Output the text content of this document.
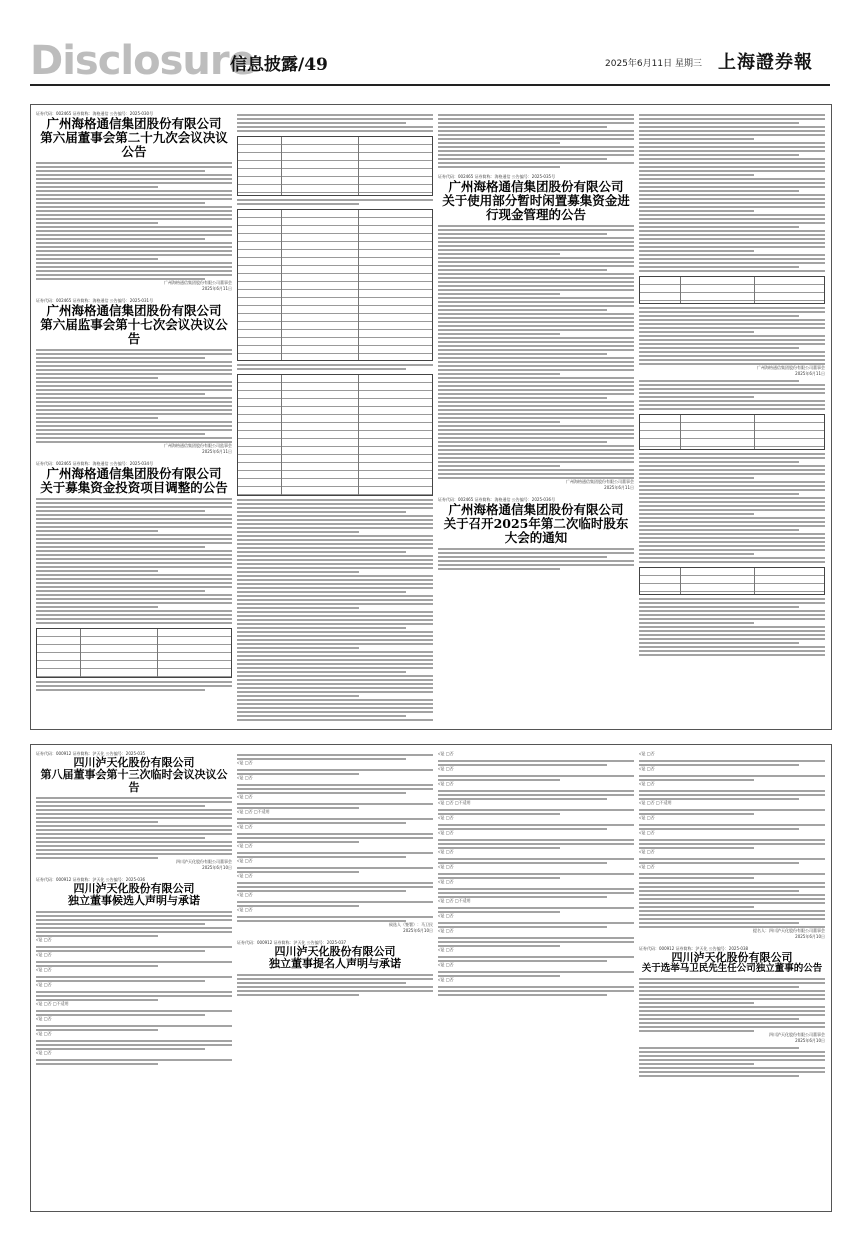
Disclosure
信息披露/49	2025年6月11日 星期三 上海證券報
证券代码：002465 证券简称：海格通信 公告编号：2025-030号
广州海格通信集团股份有限公司
第六届董事会第二十九次会议决议公告
广州海格通信集团股份有限公司董事会
2025年6月11日
证券代码：002465 证券简称：海格通信 公告编号：2025-031号
广州海格通信集团股份有限公司
第六届监事会第十七次会议决议公告
广州海格通信集团股份有限公司监事会
2025年6月11日
证券代码：002465 证券简称：海格通信 公告编号：2025-034号
广州海格通信集团股份有限公司
关于募集资金投资项目调整的公告
证券代码：002465 证券简称：海格通信 公告编号：2025-035号
广州海格通信集团股份有限公司
关于使用部分暂时闲置募集资金进行现金管理的公告
广州海格通信集团股份有限公司董事会
2025年6月11日
证券代码：002465 证券简称：海格通信 公告编号：2025-036号
广州海格通信集团股份有限公司
关于召开2025年第二次临时股东大会的通知
广州海格通信集团股份有限公司董事会
2025年6月11日
证券代码：000912 证券简称：泸天化 公告编号：2025-035
四川泸天化股份有限公司
第八届董事会第十三次临时会议决议公告
四川泸天化股份有限公司董事会
2025年6月10日
证券代码：000912 证券简称：泸天化 公告编号：2025-036
四川泸天化股份有限公司
独立董事候选人声明与承诺
√是 □否
√是 □否
√是 □否
√是 □否
√是 □否 □不适用
√是 □否
√是 □否
√是 □否
√是 □否
√是 □否
√是 □否
√是 □否 □不适用
√是 □否
√是 □否
√是 □否
√是 □否
√是 □否
√是 □否
候选人（签署）：马卫民
2025年6月10日
证券代码：000912 证券简称：泸天化 公告编号：2025-037
四川泸天化股份有限公司
独立董事提名人声明与承诺
√是 □否
√是 □否
√是 □否
√是 □否 □不适用
√是 □否
√是 □否
√是 □否
√是 □否
√是 □否
√是 □否 □不适用
√是 □否
√是 □否
√是 □否
√是 □否
√是 □否
√是 □否
√是 □否
√是 □否
√是 □否 □不适用
√是 □否
√是 □否
√是 □否
√是 □否
提名人：四川泸天化股份有限公司董事会
2025年6月10日
证券代码：000912 证券简称：泸天化 公告编号：2025-038
四川泸天化股份有限公司
关于选举马卫民先生任公司独立董事的公告
四川泸天化股份有限公司董事会
2025年6月10日
